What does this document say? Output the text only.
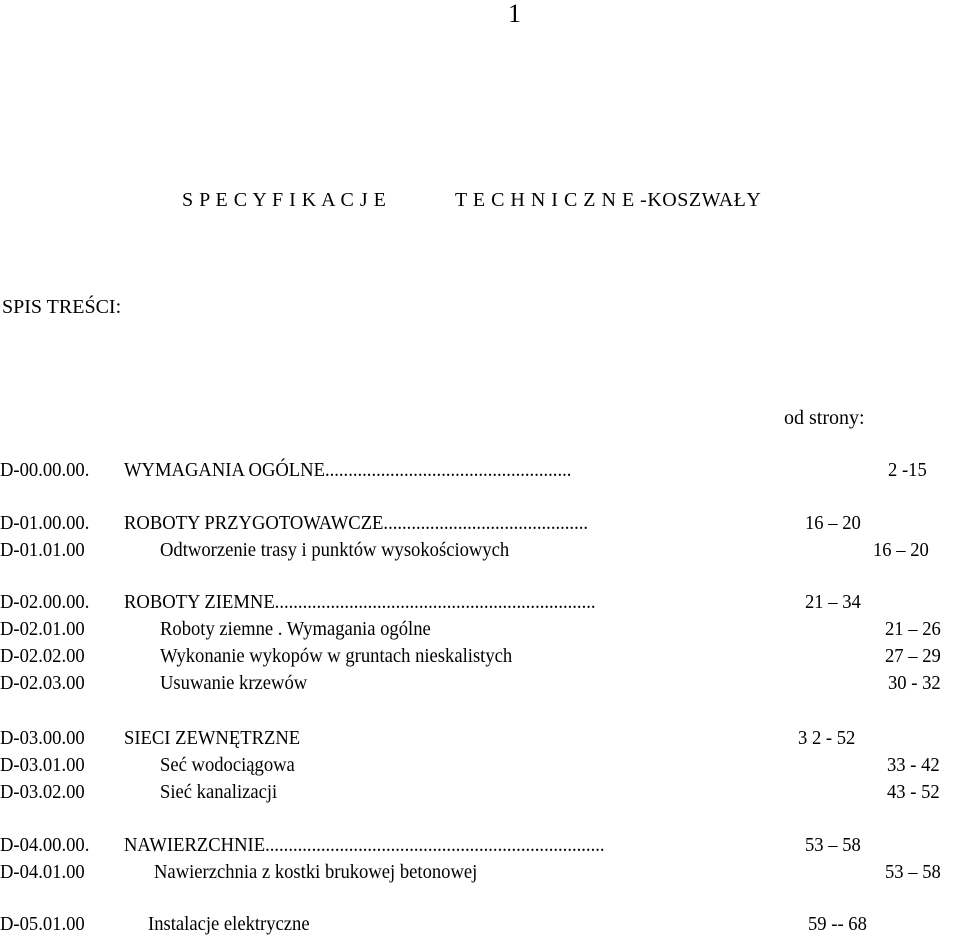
1
S P E C Y F I K A C J E	T E C H N I C Z N E -KOSZWAŁY
SPIS TREŚCI:
od strony:
D-00.00.00. WYMAGANIA OGÓLNE.....................................................	2 -15
D-01.00.00. ROBOTY PRZYGOTOWAWCZE............................................	16 – 20
D-01.01.00	Odtworzenie trasy i punktów wysokościowych	16 – 20
D-02.00.00. ROBOTY ZIEMNE.....................................................................	21 – 34
D-02.01.00	Roboty ziemne . Wymagania ogólne	21 – 26
D-02.02.00	Wykonanie wykopów w gruntach nieskalistych	27 – 29
D-02.03.00	Usuwanie krzewów	30 - 32
D-03.00.00 SIECI ZEWNĘTRZNE	3 2 - 52
D-03.01.00	Seć wodociągowa	33 - 42
D-03.02.00	Sieć kanalizacji	43 - 52
D-04.00.00. NAWIERZCHNIE.........................................................................	53 – 58
D-04.01.00	Nawierzchnia z kostki brukowej betonowej	53 – 58
D-05.01.00	Instalacje elektryczne	59 -- 68
